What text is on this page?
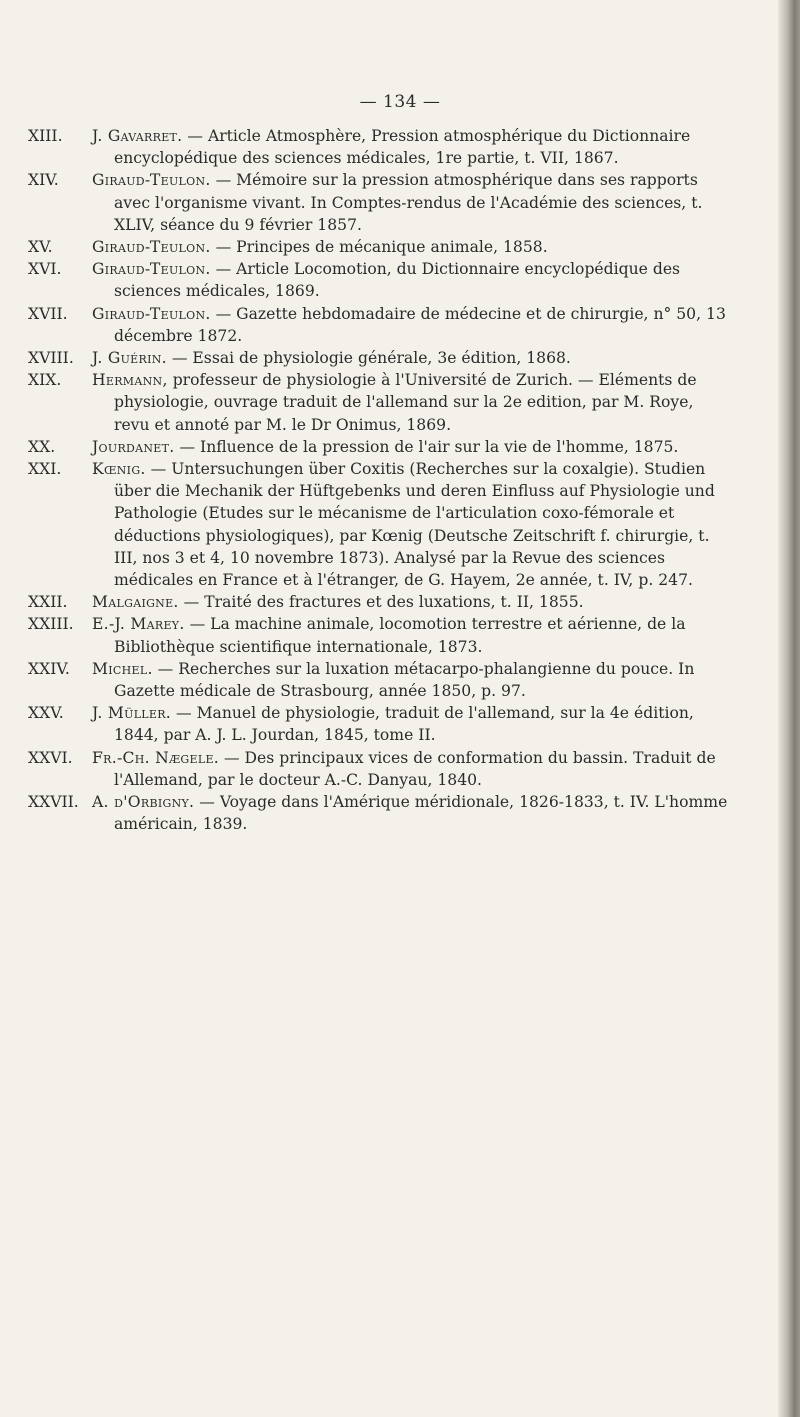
— 134 —
XIII.	J. Gavarret. — Article Atmosphère, Pression atmosphérique du Dictionnaire encyclopédique des sciences médicales, 1re partie, t. VII, 1867.
XIV.	Giraud-Teulon. — Mémoire sur la pression atmosphérique dans ses rapports avec l'organisme vivant. In Comptes-rendus de l'Académie des sciences, t. XLIV, séance du 9 février 1857.
XV.	Giraud-Teulon. — Principes de mécanique animale, 1858.
XVI.	Giraud-Teulon. — Article Locomotion, du Dictionnaire encyclopédique des sciences médicales, 1869.
XVII.	Giraud-Teulon. — Gazette hebdomadaire de médecine et de chirurgie, n° 50, 13 décembre 1872.
XVIII.	J. Guérin. — Essai de physiologie générale, 3e édition, 1868.
XIX.	Hermann, professeur de physiologie à l'Université de Zurich. — Eléments de physiologie, ouvrage traduit de l'allemand sur la 2e edition, par M. Roye, revu et annoté par M. le Dr Onimus, 1869.
XX.	Jourdanet. — Influence de la pression de l'air sur la vie de l'homme, 1875.
XXI.	Kœnig. — Untersuchungen über Coxitis (Recherches sur la coxalgie). Studien über die Mechanik der Hüftgebenks und deren Einfluss auf Physiologie und Pathologie (Etudes sur le mécanisme de l'articulation coxo-fémorale et déductions physiologiques), par Kœnig (Deutsche Zeitschrift f. chirurgie, t. III, nos 3 et 4, 10 novembre 1873). Analysé par la Revue des sciences médicales en France et à l'étranger, de G. Hayem, 2e année, t. IV, p. 247.
XXII.	Malgaigne. — Traité des fractures et des luxations, t. II, 1855.
XXIII.	E.-J. Marey. — La machine animale, locomotion terrestre et aérienne, de la Bibliothèque scientifique internationale, 1873.
XXIV.	Michel. — Recherches sur la luxation métacarpo-phalangienne du pouce. In Gazette médicale de Strasbourg, année 1850, p. 97.
XXV.	J. Müller. — Manuel de physiologie, traduit de l'allemand, sur la 4e édition, 1844, par A. J. L. Jourdan, 1845, tome II.
XXVI.	Fr.-Ch. Nægele. — Des principaux vices de conformation du bassin. Traduit de l'Allemand, par le docteur A.-C. Danyau, 1840.
XXVII. A. d'Orbigny. — Voyage dans l'Amérique méridionale, 1826-1833, t. IV. L'homme américain, 1839.
